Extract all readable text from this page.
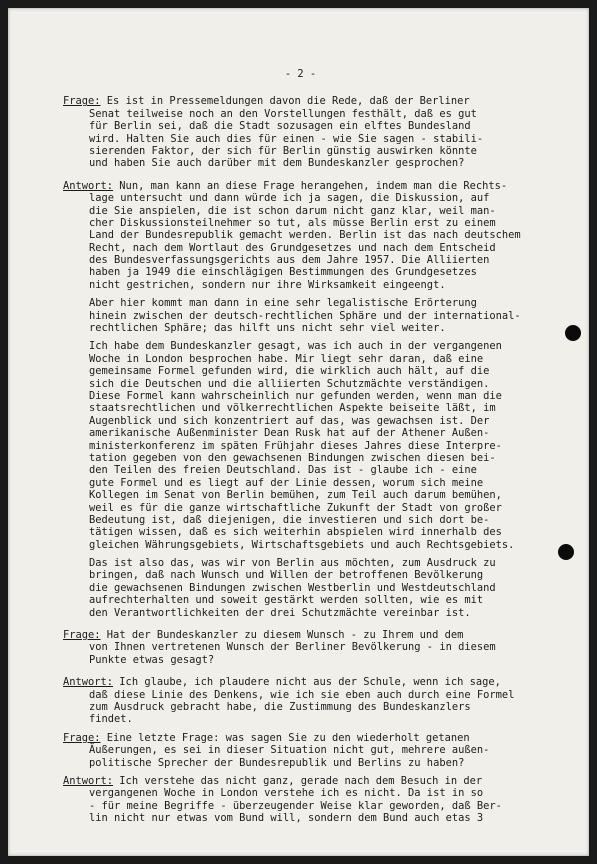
- 2 -
Frage: Es ist in Pressemeldungen davon die Rede, daß der Berliner
Senat teilweise noch an den Vorstellungen festhält, daß es gut
für Berlin sei, daß die Stadt sozusagen ein elftes Bundesland
wird. Halten Sie auch dies für einen - wie Sie sagen - stabili-
sierenden Faktor, der sich für Berlin günstig auswirken könnte
und haben Sie auch darüber mit dem Bundeskanzler gesprochen?
Antwort: Nun, man kann an diese Frage herangehen, indem man die Rechts-
lage untersucht und dann würde ich ja sagen, die Diskussion, auf
die Sie anspielen, die ist schon darum nicht ganz klar, weil man-
cher Diskussionsteilnehmer so tut, als müsse Berlin erst zu einem
Land der Bundesrepublik gemacht werden. Berlin ist das nach deutschem
Recht, nach dem Wortlaut des Grundgesetzes und nach dem Entscheid
des Bundesverfassungsgerichts aus dem Jahre 1957. Die Alliierten
haben ja 1949 die einschlägigen Bestimmungen des Grundgesetzes
nicht gestrichen, sondern nur ihre Wirksamkeit eingeengt.
Aber hier kommt man dann in eine sehr legalistische Erörterung
hinein zwischen der deutsch-rechtlichen Sphäre und der international-
rechtlichen Sphäre; das hilft uns nicht sehr viel weiter.
Ich habe dem Bundeskanzler gesagt, was ich auch in der vergangenen
Woche in London besprochen habe. Mir liegt sehr daran, daß eine
gemeinsame Formel gefunden wird, die wirklich auch hält, auf die
sich die Deutschen und die alliierten Schutzmächte verständigen.
Diese Formel kann wahrscheinlich nur gefunden werden, wenn man die
staatsrechtlichen und völkerrechtlichen Aspekte beiseite läßt, im
Augenblick und sich konzentriert auf das, was gewachsen ist. Der
amerikanische Außenminister Dean Rusk hat auf der Athener Außen-
ministerkonferenz im späten Frühjahr dieses Jahres diese Interpre-
tation gegeben von den gewachsenen Bindungen zwischen diesen bei-
den Teilen des freien Deutschland. Das ist - glaube ich - eine
gute Formel und es liegt auf der Linie dessen, worum sich meine
Kollegen im Senat von Berlin bemühen, zum Teil auch darum bemühen,
weil es für die ganze wirtschaftliche Zukunft der Stadt von großer
Bedeutung ist, daß diejenigen, die investieren und sich dort be-
tätigen wissen, daß es sich weiterhin abspielen wird innerhalb des
gleichen Währungsgebiets, Wirtschaftsgebiets und auch Rechtsgebiets.
Das ist also das, was wir von Berlin aus möchten, zum Ausdruck zu
bringen, daß nach Wunsch und Willen der betroffenen Bevölkerung
die gewachsenen Bindungen zwischen Westberlin und Westdeutschland
aufrechterhalten und soweit gestärkt werden sollten, wie es mit
den Verantwortlichkeiten der drei Schutzmächte vereinbar ist.
Frage: Hat der Bundeskanzler zu diesem Wunsch - zu Ihrem und dem
von Ihnen vertretenen Wunsch der Berliner Bevölkerung - in diesem
Punkte etwas gesagt?
Antwort: Ich glaube, ich plaudere nicht aus der Schule, wenn ich sage,
daß diese Linie des Denkens, wie ich sie eben auch durch eine Formel
zum Ausdruck gebracht habe, die Zustimmung des Bundeskanzlers
findet.
Frage: Eine letzte Frage: was sagen Sie zu den wiederholt getanen
Äußerungen, es sei in dieser Situation nicht gut, mehrere außen-
politische Sprecher der Bundesrepublik und Berlins zu haben?
Antwort: Ich verstehe das nicht ganz, gerade nach dem Besuch in der
vergangenen Woche in London verstehe ich es nicht. Da ist in so
- für meine Begriffe - überzeugender Weise klar geworden, daß Ber-
lin nicht nur etwas vom Bund will, sondern dem Bund auch etas 3
